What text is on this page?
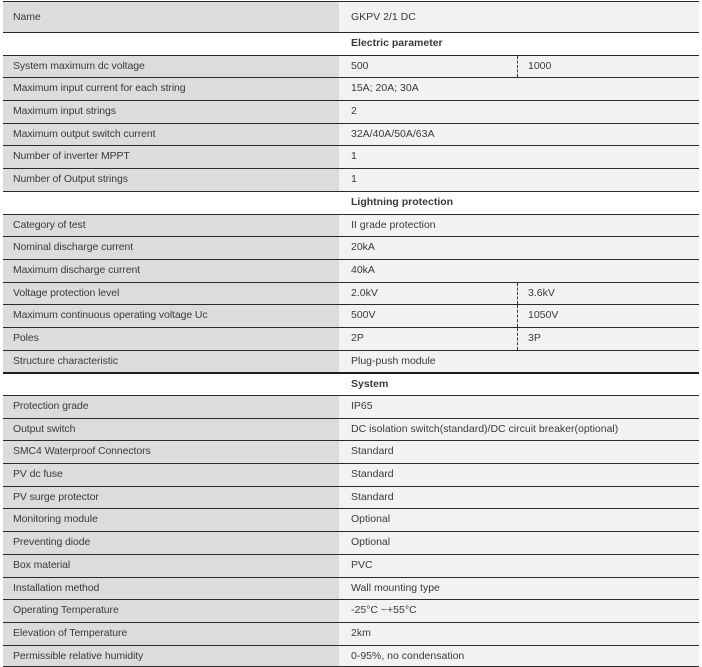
Name	GKPV 2/1 DC
Electric parameter
System maximum dc voltage	500	1000
Maximum input current for each string	15A; 20A; 30A
Maximum input strings	2
Maximum output switch current	32A/40A/50A/63A
Number of inverter MPPT	1
Number of Output strings	1
Lightning protection
Category of test	II grade protection
Nominal discharge current	20kA
Maximum discharge current	40kA
Voltage protection level	2.0kV	3.6kV
Maximum continuous operating voltage Uc	500V	1050V
Poles	2P	3P
Structure characteristic	Plug-push module
System
Protection grade	IP65
Output switch	DC isolation switch(standard)/DC circuit breaker(optional)
SMC4 Waterproof Connectors	Standard
PV dc fuse	Standard
PV surge protector	Standard
Monitoring module	Optional
Preventing diode	Optional
Box material	PVC
Installation method	Wall mounting type
Operating Temperature	-25°C ~+55°C
Elevation of Temperature	2km
Permissible relative humidity	0-95%, no condensation
